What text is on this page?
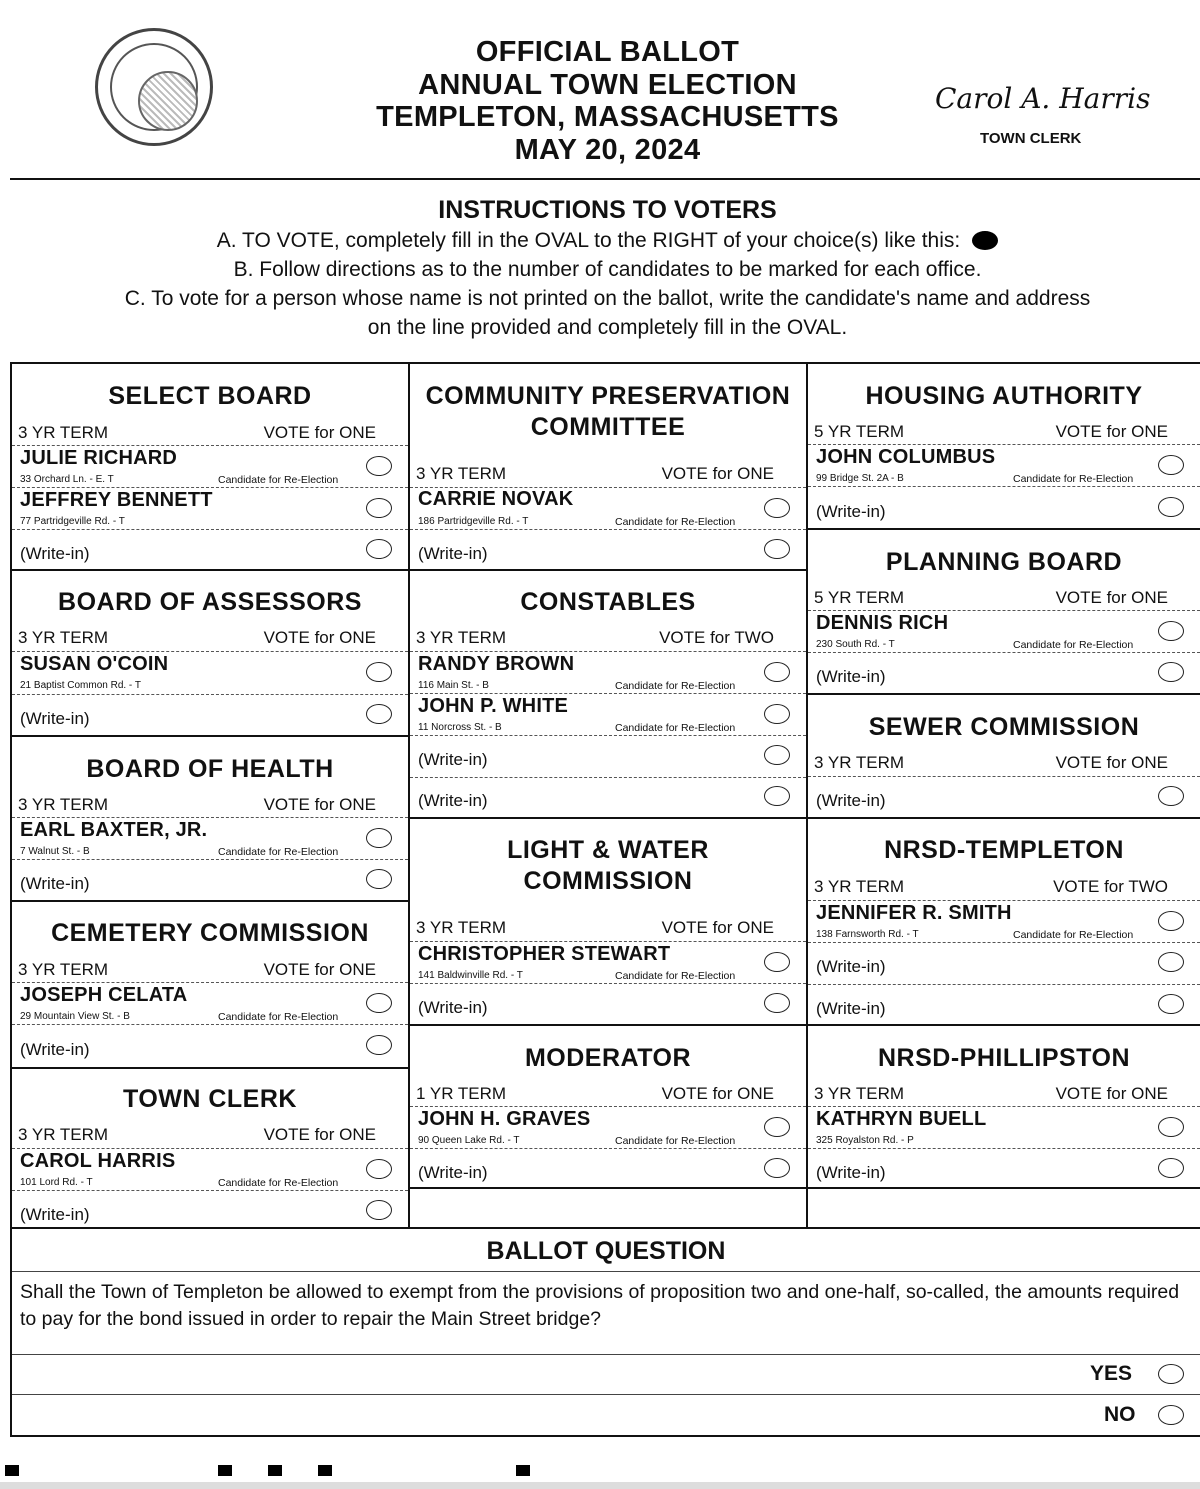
OFFICIAL BALLOT
ANNUAL TOWN ELECTION
TEMPLETON, MASSACHUSETTS
MAY 20, 2024
Carol A. Harris
TOWN CLERK
INSTRUCTIONS TO VOTERS
A. TO VOTE, completely fill in the OVAL to the RIGHT of your choice(s) like this:
B. Follow directions as to the number of candidates to be marked for each office.
C. To vote for a person whose name is not printed on the ballot, write the candidate's name and address
on the line provided and completely fill in the OVAL.
SELECT BOARD
3 YR TERM	VOTE for ONE
JULIE RICHARD
33 Orchard Ln. - E. T	Candidate for Re-Election
JEFFREY BENNETT
77 Partridgeville Rd. - T
(Write-in)
BOARD OF ASSESSORS
3 YR TERM	VOTE for ONE
SUSAN O'COIN
21 Baptist Common Rd. - T
(Write-in)
BOARD OF HEALTH
3 YR TERM	VOTE for ONE
EARL BAXTER, JR.
7 Walnut St. - B	Candidate for Re-Election
(Write-in)
CEMETERY COMMISSION
3 YR TERM	VOTE for ONE
JOSEPH CELATA
29 Mountain View St. - B	Candidate for Re-Election
(Write-in)
TOWN CLERK
3 YR TERM	VOTE for ONE
CAROL HARRIS
101 Lord Rd. - T	Candidate for Re-Election
(Write-in)
COMMUNITY PRESERVATION
COMMITTEE
3 YR TERM	VOTE for ONE
CARRIE NOVAK
186 Partridgeville Rd. - T	Candidate for Re-Election
(Write-in)
CONSTABLES
3 YR TERM	VOTE for TWO
RANDY BROWN
116 Main St. - B	Candidate for Re-Election
JOHN P. WHITE
11 Norcross St. - B	Candidate for Re-Election
(Write-in)
(Write-in)
LIGHT & WATER
COMMISSION
3 YR TERM	VOTE for ONE
CHRISTOPHER STEWART
141 Baldwinville Rd. - T	Candidate for Re-Election
(Write-in)
MODERATOR
1 YR TERM	VOTE for ONE
JOHN H. GRAVES
90 Queen Lake Rd. - T	Candidate for Re-Election
(Write-in)
HOUSING AUTHORITY
5 YR TERM	VOTE for ONE
JOHN COLUMBUS
99 Bridge St. 2A - B	Candidate for Re-Election
(Write-in)
PLANNING BOARD
5 YR TERM	VOTE for ONE
DENNIS RICH
230 South Rd. - T	Candidate for Re-Election
(Write-in)
SEWER COMMISSION
3 YR TERM	VOTE for ONE
(Write-in)
NRSD-TEMPLETON
3 YR TERM	VOTE for TWO
JENNIFER R. SMITH
138 Farnsworth Rd. - T	Candidate for Re-Election
(Write-in)
(Write-in)
NRSD-PHILLIPSTON
3 YR TERM	VOTE for ONE
KATHRYN BUELL
325 Royalston Rd. - P
(Write-in)
BALLOT QUESTION
Shall the Town of Templeton be allowed to exempt from the provisions of proposition two and one-half, so-called, the amounts required to pay for the bond issued in order to repair the Main Street bridge?
YES
NO
